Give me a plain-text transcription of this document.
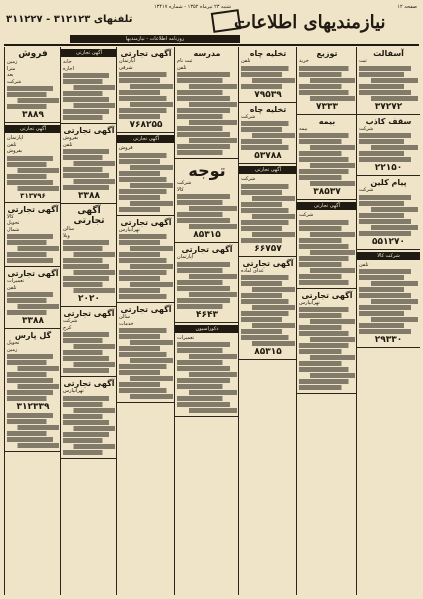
صفحه ۱۲
شنبه ۲۳ تیرماه ۱۳۵۲ - شماره ۱۳۴۱۷
تلفنهای ۳۱۲۱۲۳ - ۳۱۱۲۲۷
روزنامه اطلاعات - نیازمندیها
نیازمندیهای اطلاعات
فروش
زمین
مترا
بعد
شرکت
۳۸۸۹
آگهی تجارتی
آپارتمان
تلفن
بفروش
۳۱۳۷۹۶
آگهی تجارتی
کالا
تحویل
شمال
آگهی تجارتی
تعمیرات
تلفن
۳۳۸۸
گل پارس
تحویل
زمین
۳۱۲۳۳۹
آگهی تجارتی
خانه
اجاره
آگهی تجارتی
بفروش
تلفن
۳۳۸۸
آگهی تجارتی
سالن
ویلا
۲۰۲۰
آگهی تجارتی
شرکت
کرج
آگهی تجارتی
تهرانپارس
آگهی تجارتی
آپارتمان
شرقی
۷۶۸۲۵۵
آگهی تجارتی
فروش
آگهی تجارتی
تهرانپارس
آگهی تجارتی
سالن
خدمات
مدرسه
ثبت نام
تلفن
توجه
شرکت
کالا
۸۵۳۱۵
آگهی تجارتی
آپارتمان
۴۶۴۳
دکوراسیون
تعمیرات
تخلیه چاه
تلفن
۷۹۵۳۹
تخلیه چاه
شرکت
۵۳۷۸۸
آگهی تجارتی
شرکت
۶۶۷۵۷
آگهی تجارتی
غذای آماده
۸۵۳۱۵
توزیع
خرید
۷۳۳۳
بیمه
بیمه
۳۸۵۳۷
آگهی تجارتی
شرکت
آگهی تجارتی
تهرانپارس
آسفالت
ثبت
۳۷۲۷۲
سقف کاذب
شرکت
۲۲۱۵۰
پیام کلین
شرکت
۵۵۱۲۷۰
شرکت کالا
تلفن
۲۹۳۳۰
